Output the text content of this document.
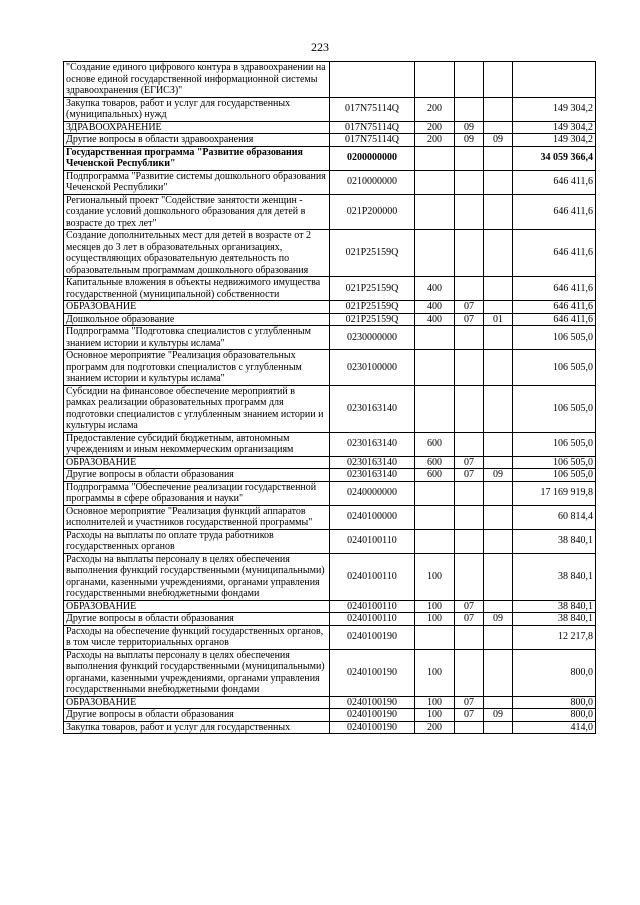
223
"Создание единого цифрового контура в здравоохранении на основе единой государственной информационной системы здравоохранения (ЕГИСЗ)"					
Закупка товаров, работ и услуг для государственных (муниципальных) нужд	017N75114Q	200			149 304,2
ЗДРАВООХРАНЕНИЕ	017N75114Q	200	09		149 304,2
Другие вопросы в области здравоохранения	017N75114Q	200	09	09	149 304,2
Государственная программа "Развитие образования Чеченской Республики"	0200000000				34 059 366,4
Подпрограмма "Развитие системы дошкольного образования Чеченской Республики"	0210000000				646 411,6
Региональный проект "Содействие занятости женщин - создание условий дошкольного образования для детей в возрасте до трех лет"	021P200000				646 411,6
Создание дополнительных мест для детей в возрасте от 2 месяцев до 3 лет в образовательных организациях, осуществляющих образовательную деятельность по образовательным программам дошкольного образования	021P25159Q				646 411,6
Капитальные вложения в объекты недвижимого имущества государственной (муниципальной) собственности	021P25159Q	400			646 411,6
ОБРАЗОВАНИЕ	021P25159Q	400	07		646 411,6
Дошкольное образование	021P25159Q	400	07	01	646 411,6
Подпрограмма "Подготовка специалистов с углубленным знанием истории и культуры ислама"	0230000000				106 505,0
Основное мероприятие "Реализация образовательных программ для подготовки специалистов с углубленным знанием истории и культуры ислама"	0230100000				106 505,0
Субсидии на финансовое обеспечение мероприятий в рамках реализации образовательных программ для подготовки специалистов с углубленным знанием истории и культуры ислама	0230163140				106 505,0
Предоставление субсидий бюджетным, автономным учреждениям и иным некоммерческим организациям	0230163140	600			106 505,0
ОБРАЗОВАНИЕ	0230163140	600	07		106 505,0
Другие вопросы в области образования	0230163140	600	07	09	106 505,0
Подпрограмма "Обеспечение реализации государственной программы в сфере образования и науки"	0240000000				17 169 919,8
Основное мероприятие "Реализация функций аппаратов исполнителей и участников государственной программы"	0240100000				60 814,4
Расходы на выплаты по оплате труда работников государственных органов	0240100110				38 840,1
Расходы на выплаты персоналу в целях обеспечения выполнения функций государственными (муниципальными) органами, казенными учреждениями, органами управления государственными внебюджетными фондами	0240100110	100			38 840,1
ОБРАЗОВАНИЕ	0240100110	100	07		38 840,1
Другие вопросы в области образования	0240100110	100	07	09	38 840,1
Расходы на обеспечение функций государственных органов, в том числе территориальных органов	0240100190				12 217,8
Расходы на выплаты персоналу в целях обеспечения выполнения функций государственными (муниципальными) органами, казенными учреждениями, органами управления государственными внебюджетными фондами	0240100190	100			800,0
ОБРАЗОВАНИЕ	0240100190	100	07		800,0
Другие вопросы в области образования	0240100190	100	07	09	800,0
Закупка товаров, работ и услуг для государственных	0240100190	200			414,0
